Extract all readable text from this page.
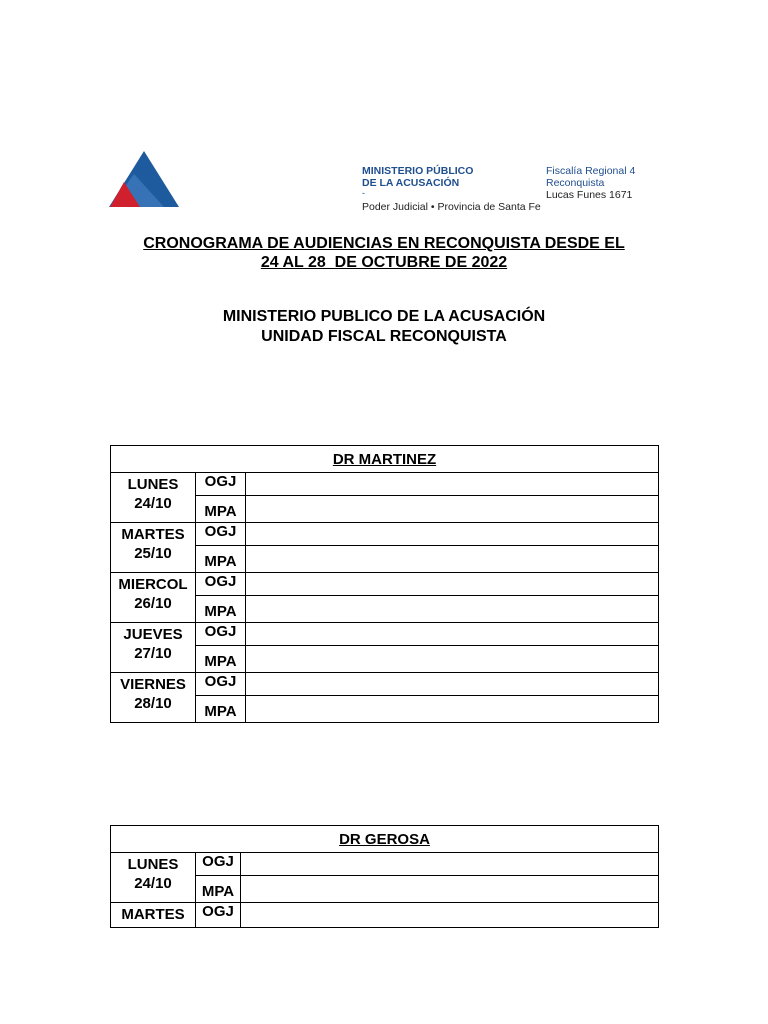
MINISTERIO PÚBLICO
DE LA ACUSACIÓN
-
Poder Judicial • Provincia de Santa Fe
Fiscalía Regional 4
Reconquista
Lucas Funes 1671
CRONOGRAMA DE AUDIENCIAS EN RECONQUISTA DESDE EL
24 AL 28  DE OCTUBRE DE 2022
MINISTERIO PUBLICO DE LA ACUSACIÓN
UNIDAD FISCAL RECONQUISTA
DR MARTINEZ		

LUNES
24/10	OGJ	
	MPA	

MARTES
25/10	OGJ	
	MPA	

MIERCOL
26/10	OGJ	
	MPA	

JUEVES
27/10	OGJ	
	MPA	

VIERNES
28/10	OGJ	
	MPA	
DR GEROSA		

LUNES
24/10	OGJ	
	MPA	

MARTES	OGJ	
